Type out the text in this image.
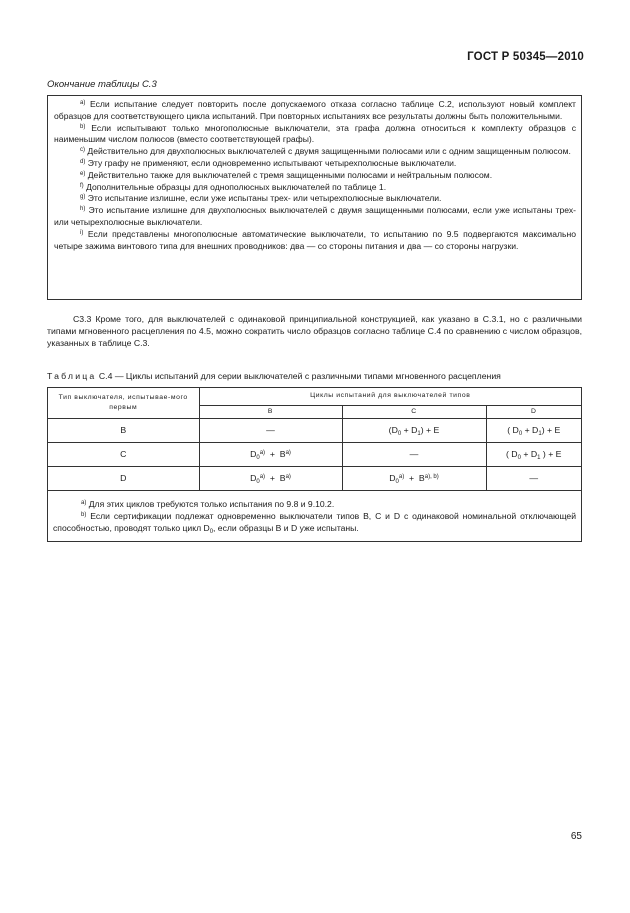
ГОСТ Р 50345—2010
Окончание таблицы С.3

$^{a)}$ Если испытание следует повторить после допускаемого отказа согласно таблице С.2, используют новый комплект образцов для соответствующего цикла испытаний. При повторных испытаниях все результаты должны быть положительными.

$^{b)}$ Если испытывают только многополюсные выключатели, эта графа должна относиться к комплекту образцов с наименьшим числом полюсов (вместо соответствующей графы).

$^{c)}$ Действительно для двухполюсных выключателей с двумя защищенными полюсами или с одним защищенным полюсом.

$^{d)}$ Эту графу не применяют, если одновременно испытывают четырехполюсные выключатели.

$^{e)}$ Действительно также для выключателей с тремя защищенными полюсами и нейтральным полюсом.

$^{f)}$ Дополнительные образцы для однополюсных выключателей по таблице 1.

$^{g)}$ Это испытание излишне, если уже испытаны трех- или четырехполюсные выключатели.

$^{h)}$ Это испытание излишне для двухполюсных выключателей с двумя защищенными полюсами, если уже испытаны трех- или четырехполюсные выключатели.

$^{i)}$ Если представлены многополюсные автоматические выключатели, то испытанию по 9.5 подвергаются максимально четыре зажима винтового типа для внешних проводников: два — со стороны питания и два — со стороны нагрузки.

С3.3 Кроме того, для выключателей с одинаковой принципиальной конструкцией, как указано в С.3.1, но с различными типами мгновенного расцепления по 4.5, можно сократить число образцов согласно таблице С.4 по сравнению с числом образцов, указанных в таблице С.3.

Таблица С.4 — Циклы испытаний для серии выключателей с различными типами мгновенного расцепления
Тип выключателя, испытывае-мого первым	Циклы испытаний для выключателей типов		
	B	C	D
B	—	$(D_0 + D_1) + E$	( $D_0 + D_1) + E$
C	$D_0^{a)} + B^{a)}$	—	( $D_0 + D_1$ ) + E
D	$D_0^{a)} + B^{a)}$	$D_0^{a)} + B^{a), b)}$	—

$^{a)}$ Для этих циклов требуются только испытания по 9.8 и 9.10.2.

$^{b)}$ Если сертификации подлежат одновременно выключатели типов В, С и D с одинаковой номинальной отключающей способностью, проводят только цикл $D_0$, если образцы В и D уже испытаны.

65
